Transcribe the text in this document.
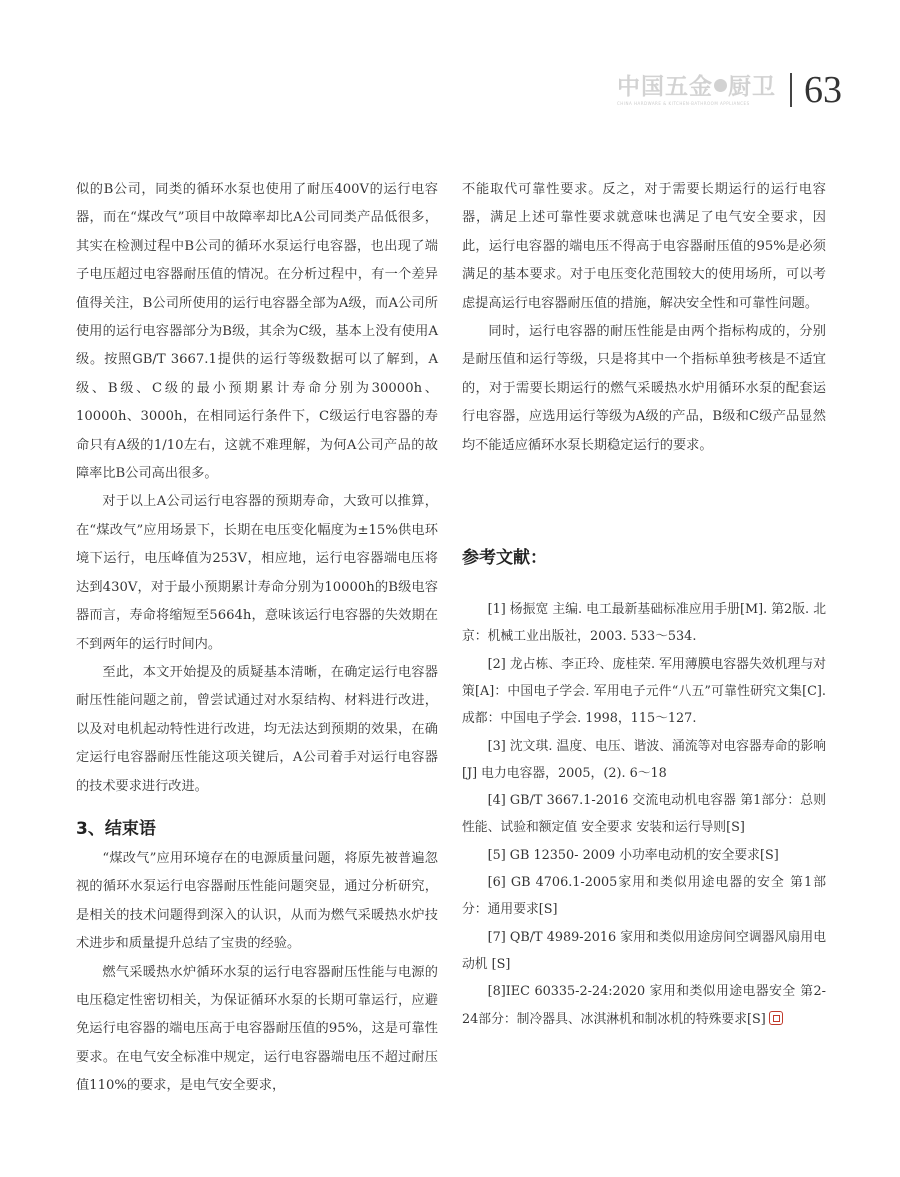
中国五金 厨卫
CHINA HARDWARE & KITCHEN·BATHROOM APPLIANCES 63

似的B公司，同类的循环水泵也使用了耐压400V的运行电容器，而在“煤改气”项目中故障率却比A公司同类产品低很多，其实在检测过程中B公司的循环水泵运行电容器，也出现了端子电压超过电容器耐压值的情况。在分析过程中，有一个差异值得关注，B公司所使用的运行电容器全部为A级，而A公司所使用的运行电容器部分为B级，其余为C级，基本上没有使用A级。按照GB/T 3667.1提供的运行等级数据可以了解到，A级、B级、C级的最小预期累计寿命分别为30000h、10000h、3000h，在相同运行条件下，C级运行电容器的寿命只有A级的1/10左右，这就不难理解，为何A公司产品的故障率比B公司高出很多。

对于以上A公司运行电容器的预期寿命，大致可以推算，在“煤改气”应用场景下，长期在电压变化幅度为±15%供电环境下运行，电压峰值为253V，相应地，运行电容器端电压将达到430V，对于最小预期累计寿命分别为10000h的B级电容器而言，寿命将缩短至5664h，意味该运行电容器的失效期在不到两年的运行时间内。

至此，本文开始提及的质疑基本清晰，在确定运行电容器耐压性能问题之前，曾尝试通过对水泵结构、材料进行改进，以及对电机起动特性进行改进，均无法达到预期的效果，在确定运行电容器耐压性能这项关键后，A公司着手对运行电容器的技术要求进行改进。

3、结束语

“煤改气”应用环境存在的电源质量问题，将原先被普遍忽视的循环水泵运行电容器耐压性能问题突显，通过分析研究，是相关的技术问题得到深入的认识，从而为燃气采暖热水炉技术进步和质量提升总结了宝贵的经验。

燃气采暖热水炉循环水泵的运行电容器耐压性能与电源的电压稳定性密切相关，为保证循环水泵的长期可靠运行，应避免运行电容器的端电压高于电容器耐压值的95%，这是可靠性要求。在电气安全标准中规定，运行电容器端电压不超过耐压值110%的要求，是电气安全要求，

不能取代可靠性要求。反之，对于需要长期运行的运行电容器，满足上述可靠性要求就意味也满足了电气安全要求，因此，运行电容器的端电压不得高于电容器耐压值的95%是必须满足的基本要求。对于电压变化范围较大的使用场所，可以考虑提高运行电容器耐压值的措施，解决安全性和可靠性问题。

同时，运行电容器的耐压性能是由两个指标构成的，分别是耐压值和运行等级，只是将其中一个指标单独考核是不适宜的，对于需要长期运行的燃气采暖热水炉用循环水泵的配套运行电容器，应选用运行等级为A级的产品，B级和C级产品显然均不能适应循环水泵长期稳定运行的要求。

参考文献：

[1] 杨振宽 主编. 电工最新基础标准应用手册[M]. 第2版. 北京：机械工业出版社，2003. 533～534.

[2] 龙占栋、李正玲、庞桂荣. 军用薄膜电容器失效机理与对策[A]：中国电子学会. 军用电子元件“八五”可靠性研究文集[C]. 成都：中国电子学会. 1998，115～127.

[3] 沈文琪. 温度、电压、谐波、涌流等对电容器寿命的影响[J] 电力电容器，2005，(2). 6～18

[4] GB/T 3667.1-2016 交流电动机电容器 第1部分：总则 性能、试验和额定值 安全要求 安装和运行导则[S]

[5] GB 12350- 2009 小功率电动机的安全要求[S]

[6] GB 4706.1-2005家用和类似用途电器的安全 第1部分：通用要求[S]

[7] QB/T 4989-2016 家用和类似用途房间空调器风扇用电动机 [S]

[8]IEC 60335-2-24:2020 家用和类似用途电器安全 第2-24部分：制冷器具、冰淇淋机和制冰机的特殊要求[S]
